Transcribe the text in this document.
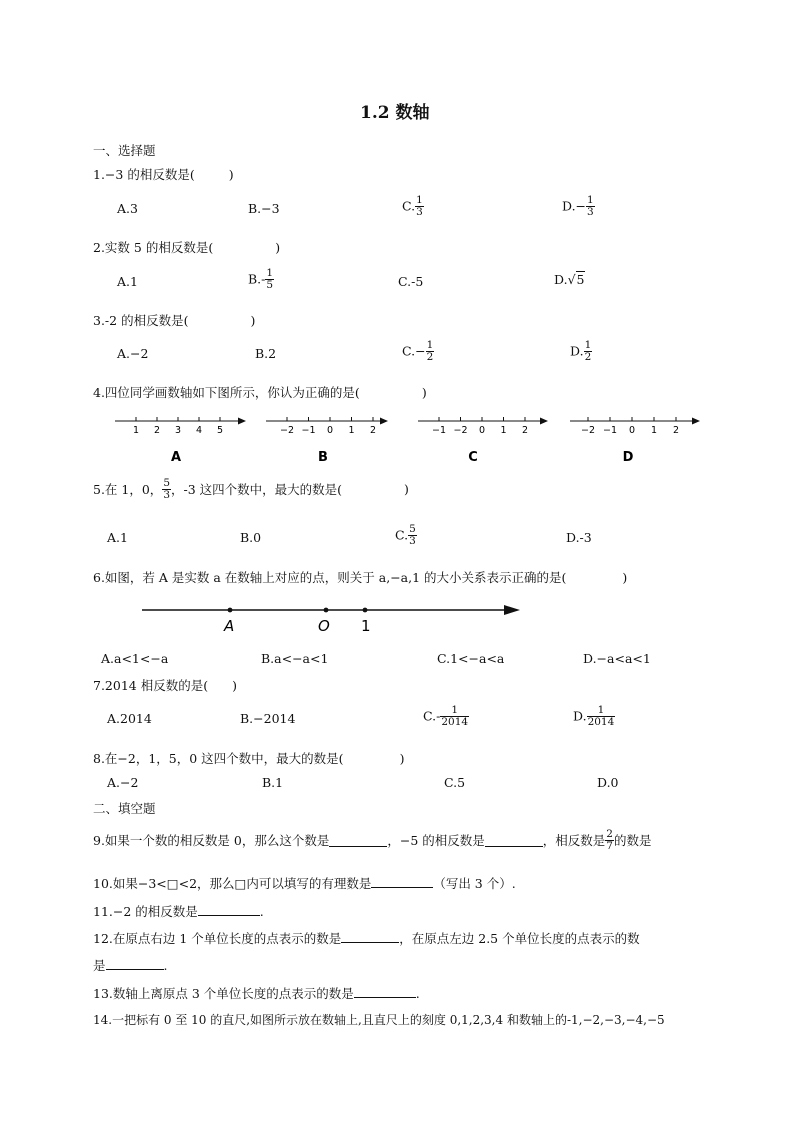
1.2 数轴
一、选择题
1.−3 的相反数是(	)
A.3	B.−3	C. $\frac{1}{3}$	$D.- \frac{1}{3}$
2.实数 5 的相反数是(	)
A.1	$B.- \frac{1}{5}$	C.-5	D.√5
3.-2 的相反数是(	)
A.−2	B.2	$C.- \frac{1}{2}$	D. $\frac{1}{2}$
4.四位同学画数轴如下图所示，你认为正确的是(	)
1 2 3 4 5
A
−2 −1 0 1 2
B
−1 −2 0 1 2
C
−2 −1 0 1 2
D
5.在 1，0， $\frac{5}{3}$ ，-3 这四个数中，最大的数是(	)
A.1	B.0	C. $\frac{5}{3}$	D.-3
6.如图，若 A 是实数 a 在数轴上对应的点，则关于 a,−a,1 的大小关系表示正确的是(	)
A	O 1
A.a<1<−a	B.a<−a<1	C.1<−a<a	D.−a<a<1
7.2014 相反数的是( )
A.2014	B.−2014	$C.- \frac{1}{2014}$	D. $\frac{1}{2014}$
8.在−2，1，5，0 这四个数中，最大的数是(	)
A.−2	B.1	C.5	D.0
二、填空题
9.如果一个数的相反数是 0，那么这个数是	，−5 的相反数是	，相反数是 $\frac{2}{7}$ 的数是
10.如果−3<□<2，那么□内可以填写的有理数是	（写出 3 个）.
11.−2 的相反数是	.
12.在原点右边 1 个单位长度的点表示的数是	，在原点左边 2.5 个单位长度的点表示的数
是	.
13.数轴上离原点 3 个单位长度的点表示的数是	.
14.一把标有 0 至 10 的直尺,如图所示放在数轴上,且直尺上的刻度 0,1,2,3,4 和数轴上的-1,−2,−3,−4,−5
